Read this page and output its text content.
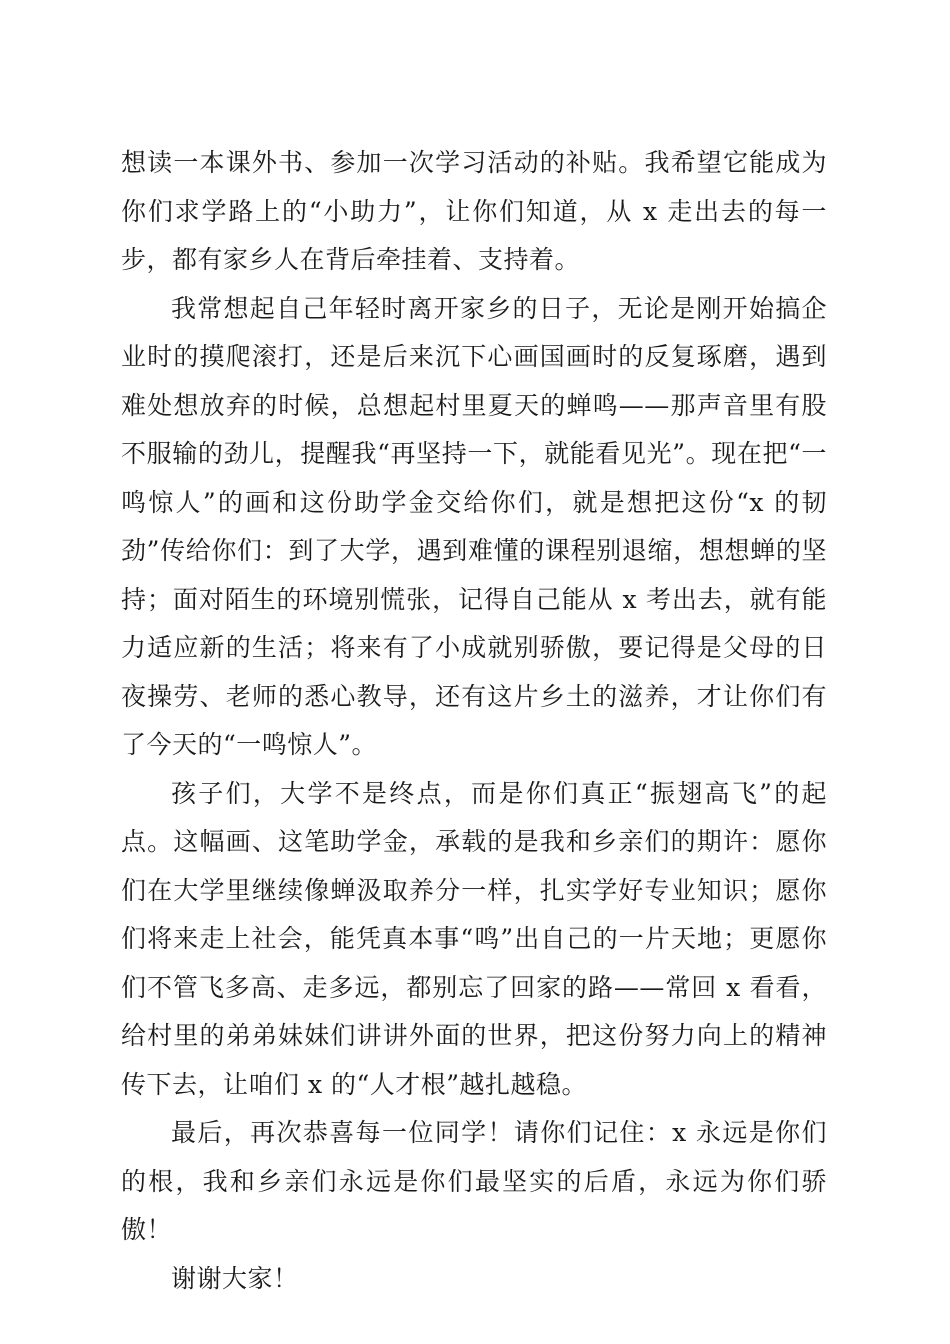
想读一本课外书、参加一次学习活动的补贴。我希望它能成为你们求学路上的“小助力”，让你们知道，从 x 走出去的每一步，都有家乡人在背后牵挂着、支持着。

我常想起自己年轻时离开家乡的日子，无论是刚开始搞企业时的摸爬滚打，还是后来沉下心画国画时的反复琢磨，遇到难处想放弃的时候，总想起村里夏天的蝉鸣——那声音里有股不服输的劲儿，提醒我“再坚持一下，就能看见光”。现在把“一鸣惊人”的画和这份助学金交给你们，就是想把这份“x 的韧劲”传给你们：到了大学，遇到难懂的课程别退缩，想想蝉的坚持；面对陌生的环境别慌张，记得自己能从 x 考出去，就有能力适应新的生活；将来有了小成就别骄傲，要记得是父母的日夜操劳、老师的悉心教导，还有这片乡土的滋养，才让你们有了今天的“一鸣惊人”。

孩子们，大学不是终点，而是你们真正“振翅高飞”的起点。这幅画、这笔助学金，承载的是我和乡亲们的期许：愿你们在大学里继续像蝉汲取养分一样，扎实学好专业知识；愿你们将来走上社会，能凭真本事“鸣”出自己的一片天地；更愿你们不管飞多高、走多远，都别忘了回家的路——常回 x 看看，给村里的弟弟妹妹们讲讲外面的世界，把这份努力向上的精神传下去，让咱们 x 的“人才根”越扎越稳。

最后，再次恭喜每一位同学！请你们记住：x 永远是你们的根，我和乡亲们永远是你们最坚实的后盾，永远为你们骄傲！

谢谢大家！
